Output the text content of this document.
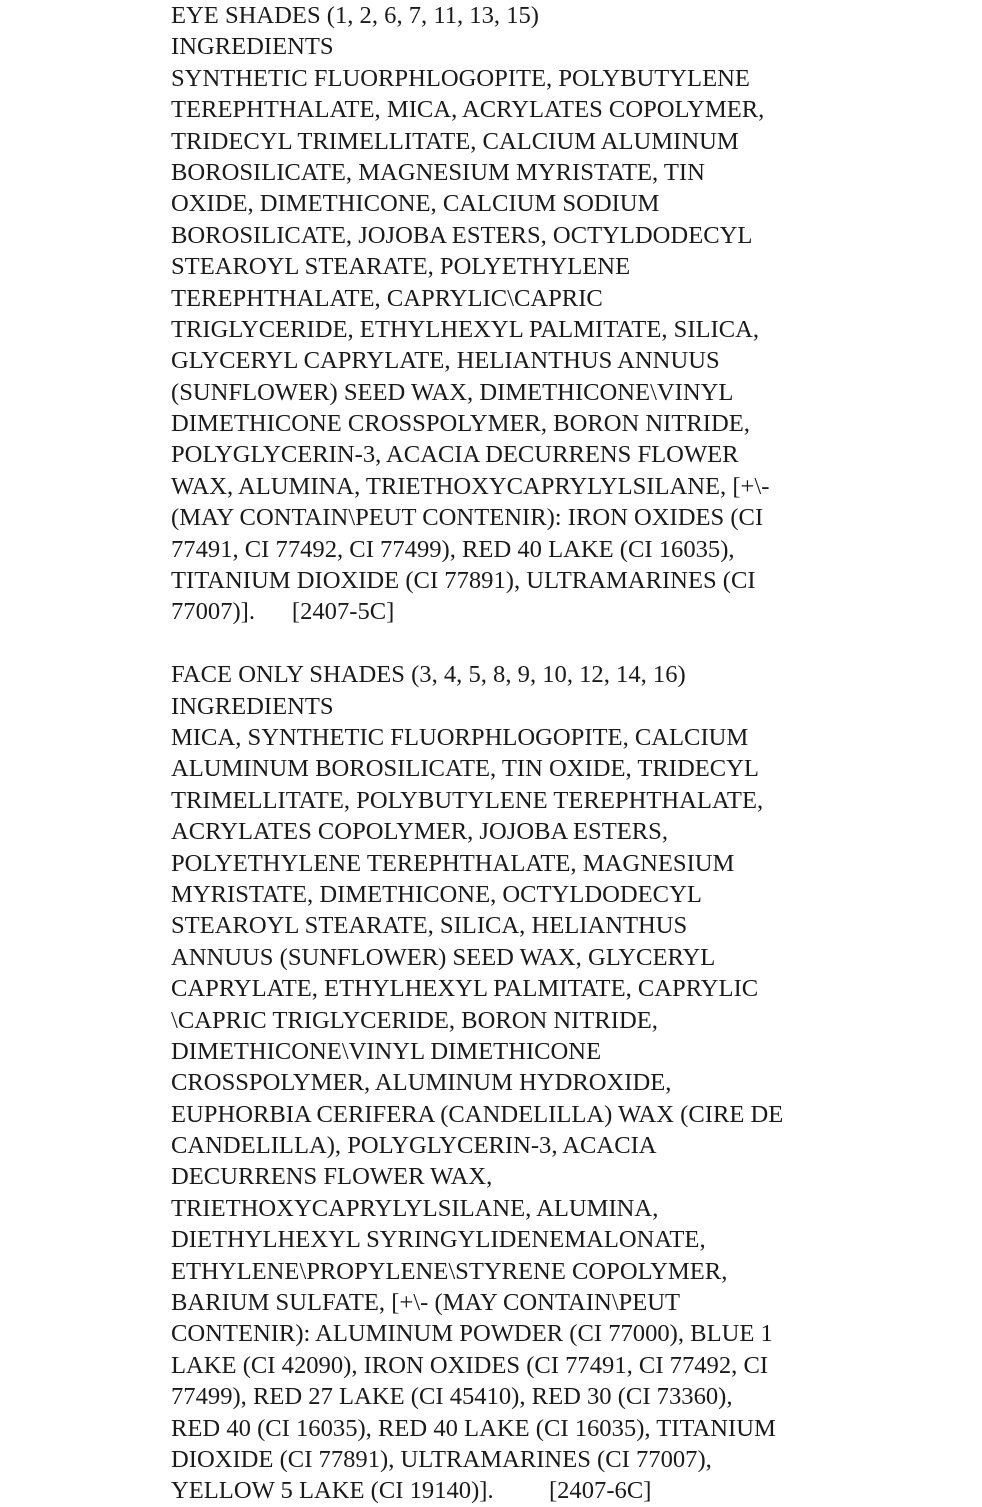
EYE SHADES (1, 2, 6, 7, 11, 13, 15)
INGREDIENTS
SYNTHETIC FLUORPHLOGOPITE, POLYBUTYLENE
TEREPHTHALATE, MICA, ACRYLATES COPOLYMER,
TRIDECYL TRIMELLITATE, CALCIUM ALUMINUM
BOROSILICATE, MAGNESIUM MYRISTATE, TIN
OXIDE, DIMETHICONE, CALCIUM SODIUM
BOROSILICATE, JOJOBA ESTERS, OCTYLDODECYL
STEAROYL STEARATE, POLYETHYLENE
TEREPHTHALATE, CAPRYLIC\CAPRIC
TRIGLYCERIDE, ETHYLHEXYL PALMITATE, SILICA,
GLYCERYL CAPRYLATE, HELIANTHUS ANNUUS
(SUNFLOWER) SEED WAX, DIMETHICONE\VINYL
DIMETHICONE CROSSPOLYMER, BORON NITRIDE,
POLYGLYCERIN-3, ACACIA DECURRENS FLOWER
WAX, ALUMINA, TRIETHOXYCAPRYLYLSILANE, [+\-
(MAY CONTAIN\PEUT CONTENIR): IRON OXIDES (CI
77491, CI 77492, CI 77499), RED 40 LAKE (CI 16035),
TITANIUM DIOXIDE (CI 77891), ULTRAMARINES (CI
77007)].      [2407-5C]
FACE ONLY SHADES (3, 4, 5, 8, 9, 10, 12, 14, 16)
INGREDIENTS
MICA, SYNTHETIC FLUORPHLOGOPITE, CALCIUM
ALUMINUM BOROSILICATE, TIN OXIDE, TRIDECYL
TRIMELLITATE, POLYBUTYLENE TEREPHTHALATE,
ACRYLATES COPOLYMER, JOJOBA ESTERS,
POLYETHYLENE TEREPHTHALATE, MAGNESIUM
MYRISTATE, DIMETHICONE, OCTYLDODECYL
STEAROYL STEARATE, SILICA, HELIANTHUS
ANNUUS (SUNFLOWER) SEED WAX, GLYCERYL
CAPRYLATE, ETHYLHEXYL PALMITATE, CAPRYLIC
\CAPRIC TRIGLYCERIDE, BORON NITRIDE,
DIMETHICONE\VINYL DIMETHICONE
CROSSPOLYMER, ALUMINUM HYDROXIDE,
EUPHORBIA CERIFERA (CANDELILLA) WAX (CIRE DE
CANDELILLA), POLYGLYCERIN-3, ACACIA
DECURRENS FLOWER WAX,
TRIETHOXYCAPRYLYLSILANE, ALUMINA,
DIETHYLHEXYL SYRINGYLIDENEMALONATE,
ETHYLENE\PROPYLENE\STYRENE COPOLYMER,
BARIUM SULFATE, [+\- (MAY CONTAIN\PEUT
CONTENIR): ALUMINUM POWDER (CI 77000), BLUE 1
LAKE (CI 42090), IRON OXIDES (CI 77491, CI 77492, CI
77499), RED 27 LAKE (CI 45410), RED 30 (CI 73360),
RED 40 (CI 16035), RED 40 LAKE (CI 16035), TITANIUM
DIOXIDE (CI 77891), ULTRAMARINES (CI 77007),
YELLOW 5 LAKE (CI 19140)].         [2407-6C]
